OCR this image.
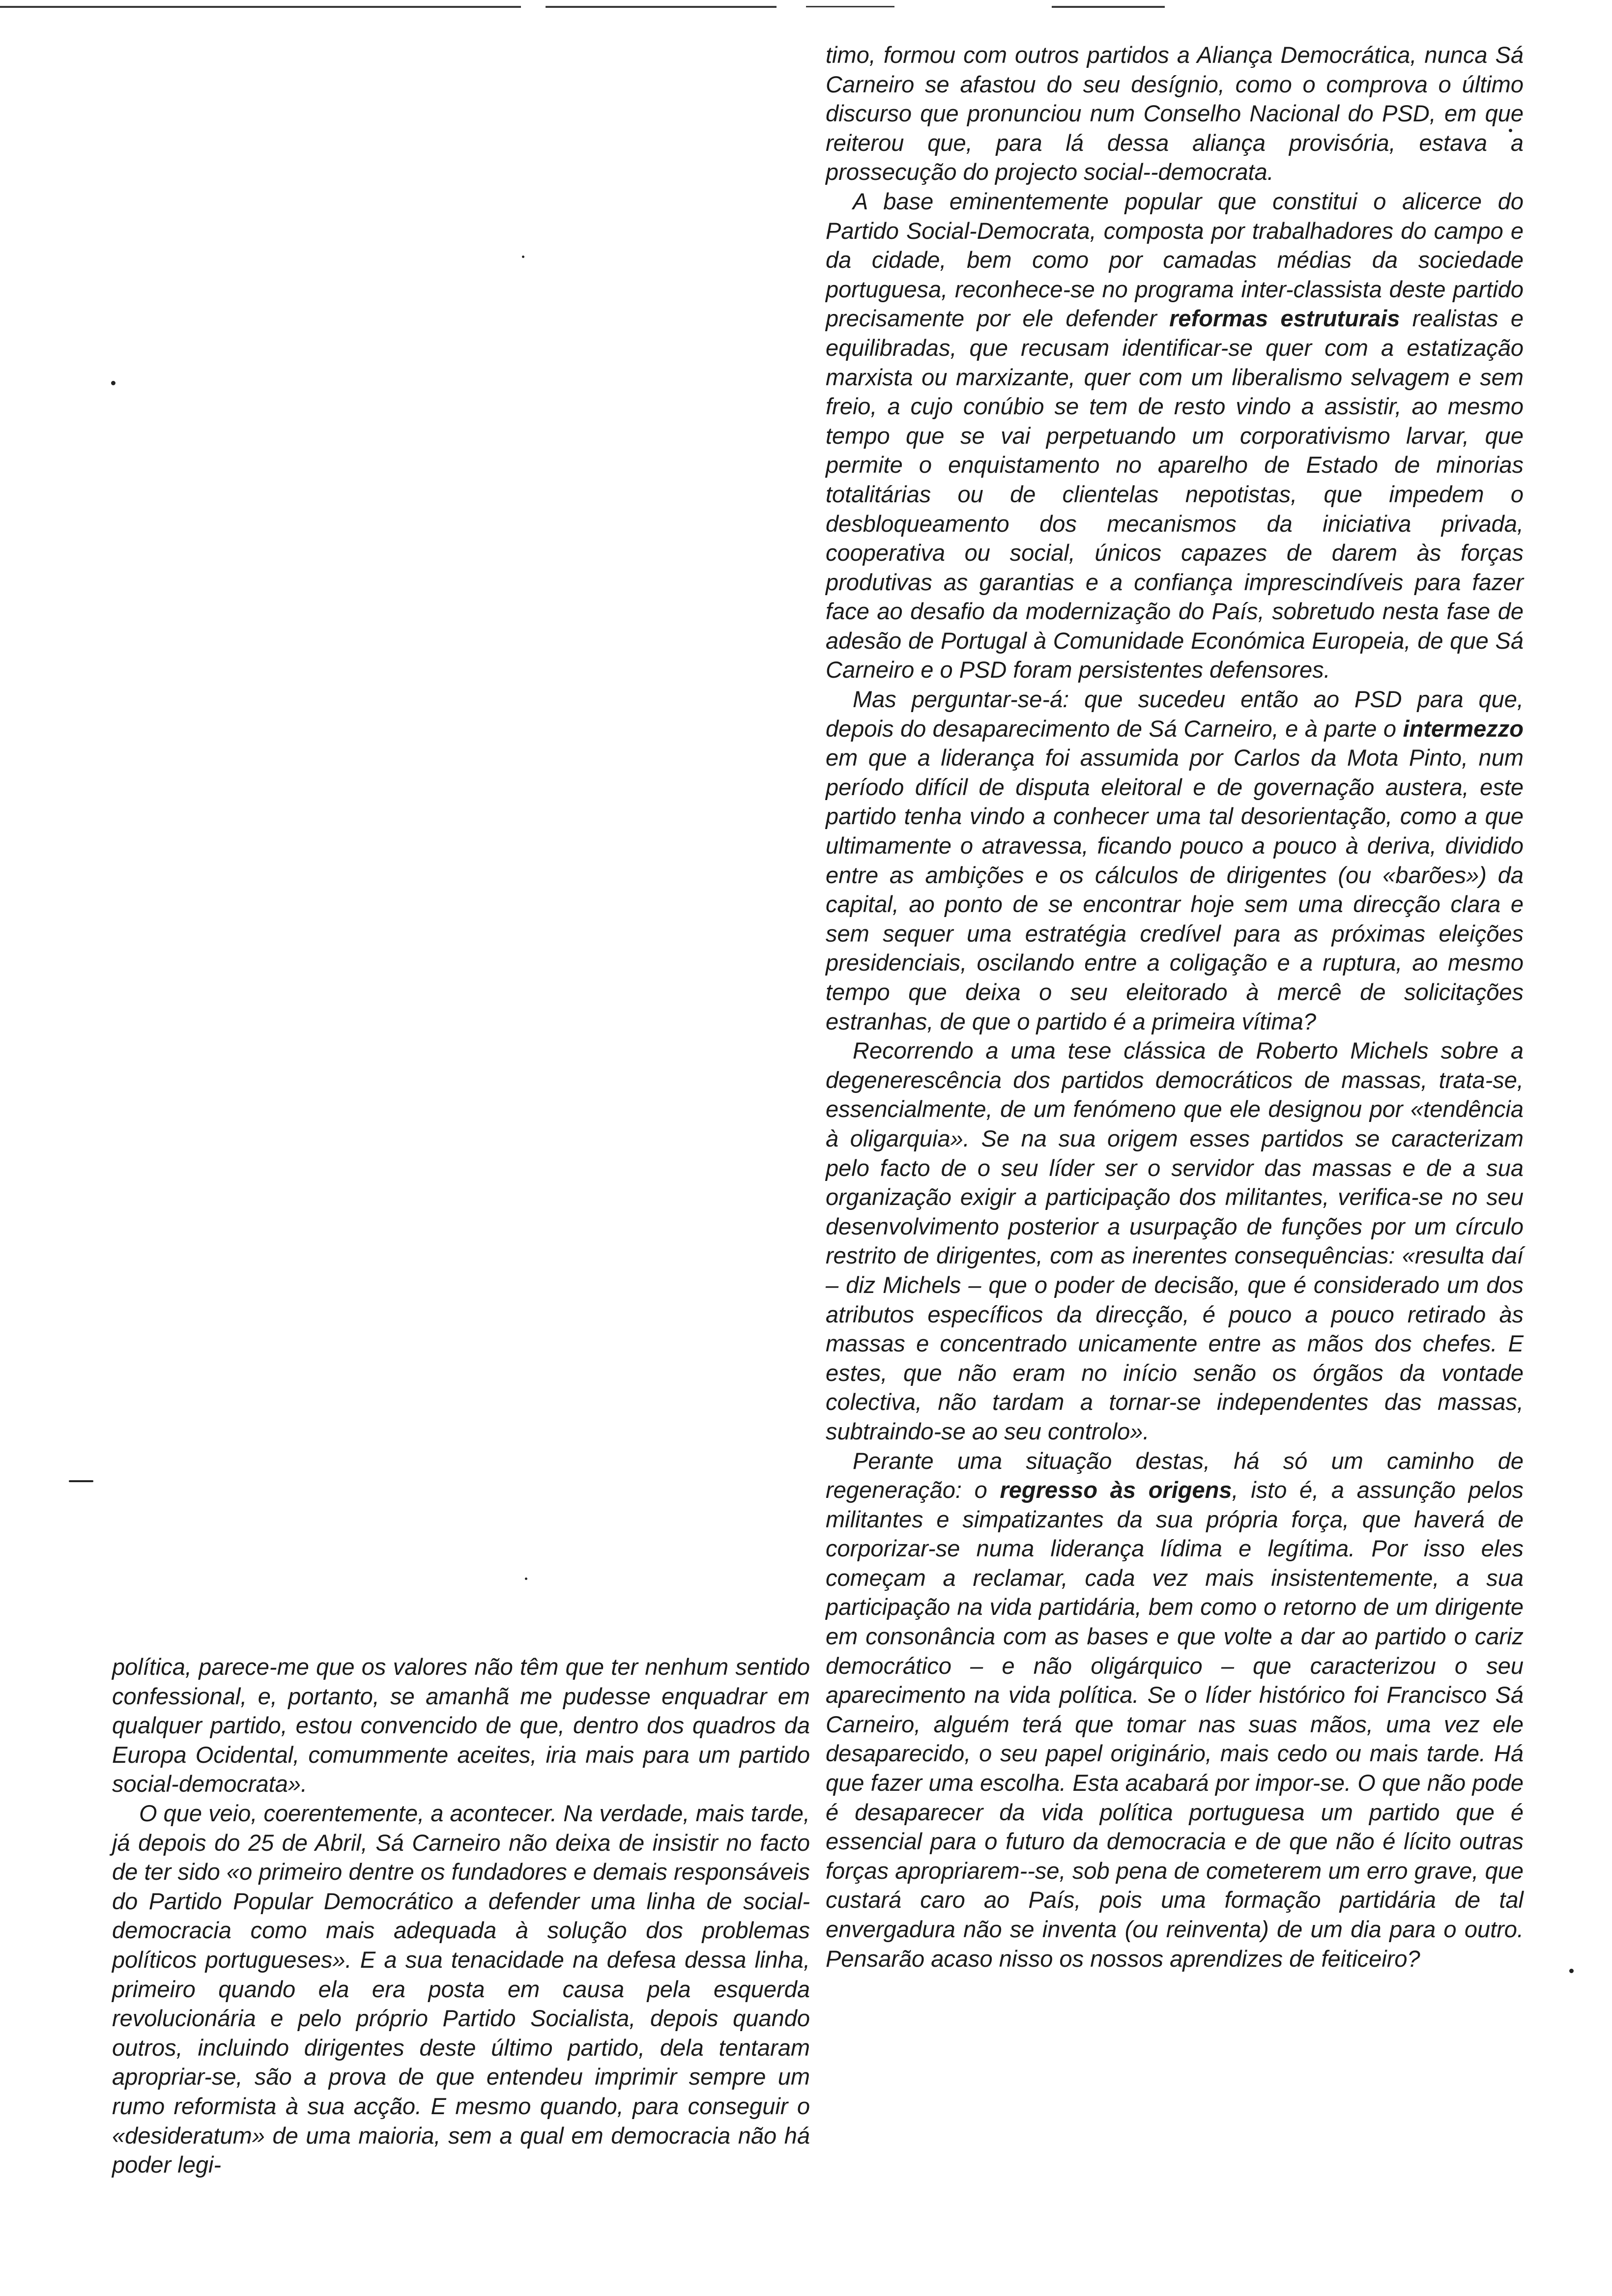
timo, formou com outros partidos a Aliança Democrática, nunca Sá Carneiro se afastou do seu desígnio, como o comprova o último discurso que pronunciou num Conselho Nacional do PSD, em que reiterou que, para lá dessa aliança provisória, estava a prossecução do projecto social--democrata.

A base eminentemente popular que constitui o alicerce do Partido Social-Democrata, composta por trabalhadores do campo e da cidade, bem como por camadas médias da sociedade portuguesa, reconhece-se no programa inter-classista deste partido precisamente por ele defender reformas estruturais realistas e equilibradas, que recusam identificar-se quer com a estatização marxista ou marxizante, quer com um liberalismo selvagem e sem freio, a cujo conúbio se tem de resto vindo a assistir, ao mesmo tempo que se vai perpetuando um corporativismo larvar, que permite o enquistamento no aparelho de Estado de minorias totalitárias ou de clientelas nepotistas, que impedem o desbloqueamento dos mecanismos da iniciativa privada, cooperativa ou social, únicos capazes de darem às forças produtivas as garantias e a confiança imprescindíveis para fazer face ao desafio da modernização do País, sobretudo nesta fase de adesão de Portugal à Comunidade Económica Europeia, de que Sá Carneiro e o PSD foram persistentes defensores.

Mas perguntar-se-á: que sucedeu então ao PSD para que, depois do desaparecimento de Sá Carneiro, e à parte o intermezzo em que a liderança foi assumida por Carlos da Mota Pinto, num período difícil de disputa eleitoral e de governação austera, este partido tenha vindo a conhecer uma tal desorientação, como a que ultimamente o atravessa, ficando pouco a pouco à deriva, dividido entre as ambições e os cálculos de dirigentes (ou «barões») da capital, ao ponto de se encontrar hoje sem uma direcção clara e sem sequer uma estratégia credível para as próximas eleições presidenciais, oscilando entre a coligação e a ruptura, ao mesmo tempo que deixa o seu eleitorado à mercê de solicitações estranhas, de que o partido é a primeira vítima?

Recorrendo a uma tese clássica de Roberto Michels sobre a degenerescência dos partidos democráticos de massas, trata-se, essencialmente, de um fenómeno que ele designou por «tendência à oligarquia». Se na sua origem esses partidos se caracterizam pelo facto de o seu líder ser o servidor das massas e de a sua organização exigir a participação dos militantes, verifica-se no seu desenvolvimento posterior a usurpação de funções por um círculo restrito de dirigentes, com as inerentes consequências: «resulta daí – diz Michels – que o poder de decisão, que é considerado um dos atributos específicos da direcção, é pouco a pouco retirado às massas e concentrado unicamente entre as mãos dos chefes. E estes, que não eram no início senão os órgãos da vontade colectiva, não tardam a tornar-se independentes das massas, subtraindo-se ao seu controlo».

Perante uma situação destas, há só um caminho de regeneração: o regresso às origens, isto é, a assunção pelos militantes e simpatizantes da sua própria força, que haverá de corporizar-se numa liderança lídima e legítima. Por isso eles começam a reclamar, cada vez mais insistentemente, a sua participação na vida partidária, bem como o retorno de um dirigente em consonância com as bases e que volte a dar ao partido o cariz democrático – e não oligárquico – que caracterizou o seu aparecimento na vida política. Se o líder histórico foi Francisco Sá Carneiro, alguém terá que tomar nas suas mãos, uma vez ele desaparecido, o seu papel originário, mais cedo ou mais tarde. Há que fazer uma escolha. Esta acabará por impor-se. O que não pode é desaparecer da vida política portuguesa um partido que é essencial para o futuro da democracia e de que não é lícito outras forças apropriarem--se, sob pena de cometerem um erro grave, que custará caro ao País, pois uma formação partidária de tal envergadura não se inventa (ou reinventa) de um dia para o outro. Pensarão acaso nisso os nossos aprendizes de feiticeiro?

política, parece-me que os valores não têm que ter nenhum sentido confessional, e, portanto, se amanhã me pudesse enquadrar em qualquer partido, estou convencido de que, dentro dos quadros da Europa Ocidental, comummente aceites, iria mais para um partido social-democrata».

O que veio, coerentemente, a acontecer. Na verdade, mais tarde, já depois do 25 de Abril, Sá Carneiro não deixa de insistir no facto de ter sido «o primeiro dentre os fundadores e demais responsáveis do Partido Popular Democrático a defender uma linha de social-democracia como mais adequada à solução dos problemas políticos portugueses». E a sua tenacidade na defesa dessa linha, primeiro quando ela era posta em causa pela esquerda revolucionária e pelo próprio Partido Socialista, depois quando outros, incluindo dirigentes deste último partido, dela tentaram apropriar-se, são a prova de que entendeu imprimir sempre um rumo reformista à sua acção. E mesmo quando, para conseguir o «desideratum» de uma maioria, sem a qual em democracia não há poder legi-
